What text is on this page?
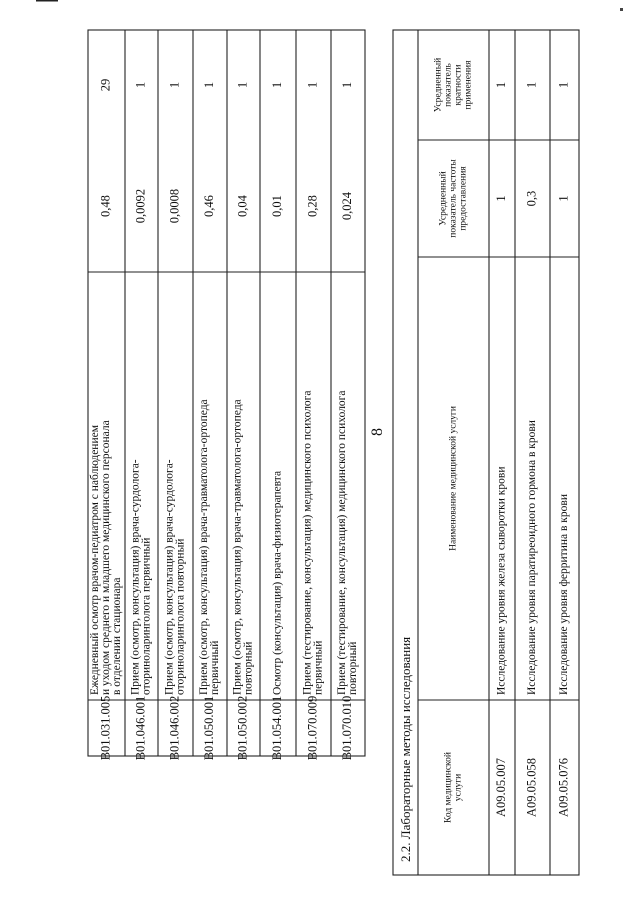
8
B01.031.005
Ежедневный осмотр врачом-педиатром с наблюдением и уходом среднего и младшего медицинского персонала в отделении стационара
0,48
29
B01.046.001
Прием (осмотр, консультация) врача-сурдолога- оториноларинголога первичный
0,0092
1
B01.046.002
Прием (осмотр, консультация) врача-сурдолога- оториноларинголога повторный
0,0008
1
B01.050.001
Прием (осмотр, консультация) врача-травматолога-ортопеда первичный
0,46
1
B01.050.002
Прием (осмотр, консультация) врача-травматолога-ортопеда повторный
0,04
1
B01.054.001
Осмотр (консультация) врача-физиотерапевта
0,01
1
B01.070.009
Прием (тестирование, консультация) медицинского психолога первичный
0,28
1
B01.070.010
Прием (тестирование, консультация) медицинского психолога повторный
0,024
1
2.2. Лабораторные методы исследования	Код медицинской услуги
Наименование медицинской услуги
Усредненный показатель частоты предоставления
Усредненный показатель кратности применения
A09.05.007
Исследование уровня железа сыворотки крови
1
1
A09.05.058
Исследование уровня паратиреоидного гормона в крови
0,3
1
A09.05.076
Исследование уровня ферритина в крови
1
1
